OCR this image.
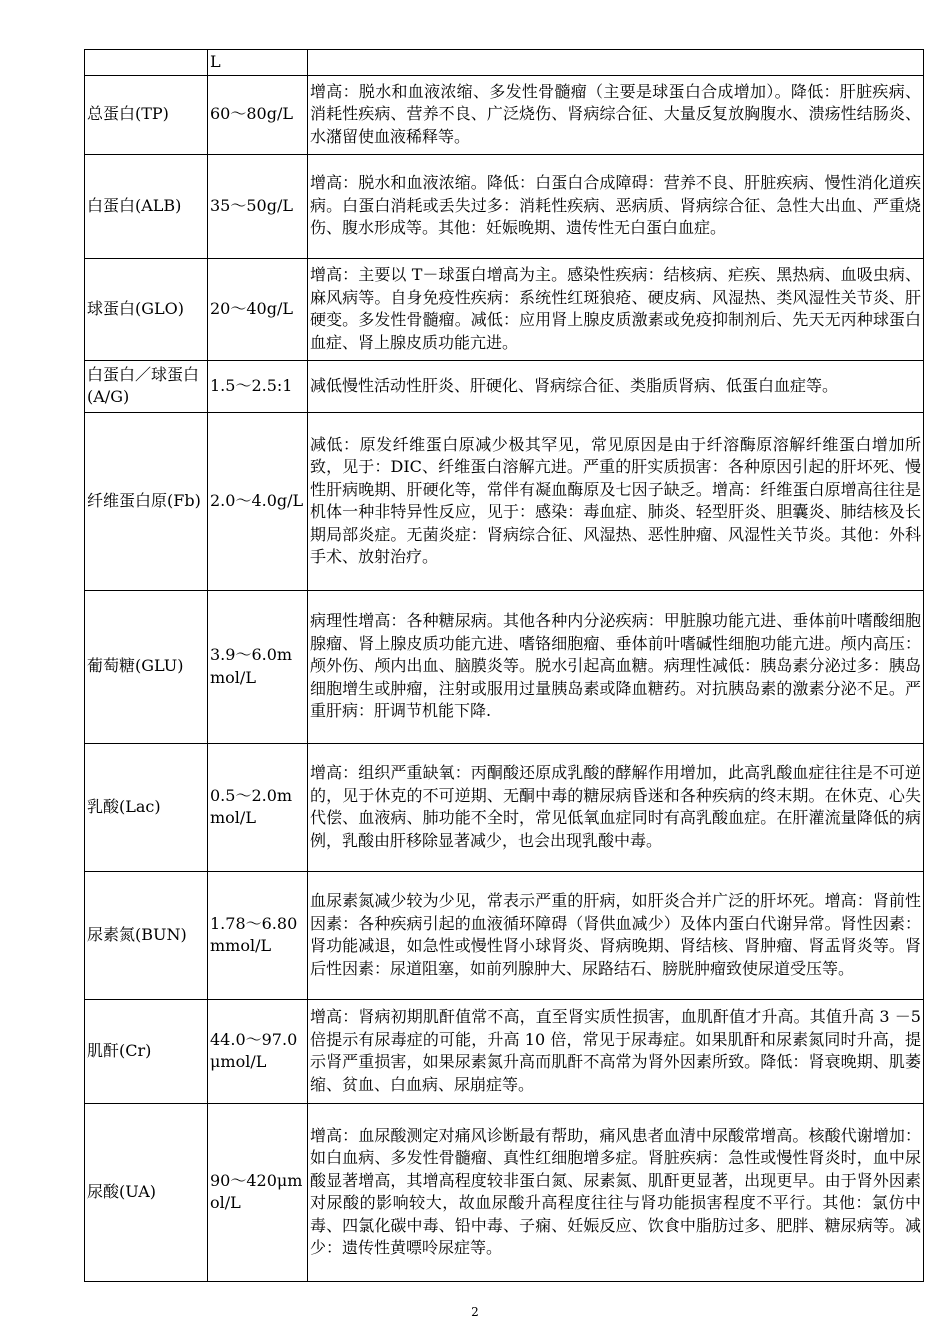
	L	
总蛋白(TP)	60～80g/L	增高：脱水和血液浓缩、多发性骨髓瘤（主要是球蛋白合成增加）。降低：肝脏疾病、消耗性疾病、营养不良、广泛烧伤、肾病综合征、大量反复放胸腹水、溃疡性结肠炎、水潴留使血液稀释等。
白蛋白(ALB)	35～50g/L	增高：脱水和血液浓缩。降低：白蛋白合成障碍：营养不良、肝脏疾病、慢性消化道疾病。白蛋白消耗或丢失过多：消耗性疾病、恶病质、肾病综合征、急性大出血、严重烧伤、腹水形成等。其他：妊娠晚期、遗传性无白蛋白血症。
球蛋白(GLO)	20～40g/L	增高：主要以 Τ－球蛋白增高为主。感染性疾病：结核病、疟疾、黑热病、血吸虫病、麻风病等。自身免疫性疾病：系统性红斑狼疮、硬皮病、风湿热、类风湿性关节炎、肝硬变。多发性骨髓瘤。减低：应用肾上腺皮质激素或免疫抑制剂后、先天无丙种球蛋白血症、肾上腺皮质功能亢进。
白蛋白／球蛋白(A/G)	1.5～2.5:1	减低慢性活动性肝炎、肝硬化、肾病综合征、类脂质肾病、低蛋白血症等。
纤维蛋白原(Fb)	2.0～4.0g/L	减低：原发纤维蛋白原减少极其罕见，常见原因是由于纤溶酶原溶解纤维蛋白增加所致，见于：DIC、纤维蛋白溶解亢进。严重的肝实质损害：各种原因引起的肝坏死、慢性肝病晚期、肝硬化等，常伴有凝血酶原及七因子缺乏。增高：纤维蛋白原增高往往是机体一种非特异性反应，见于：感染：毒血症、肺炎、轻型肝炎、胆囊炎、肺结核及长期局部炎症。无菌炎症：肾病综合征、风湿热、恶性肿瘤、风湿性关节炎。其他：外科手术、放射治疗。
葡萄糖(GLU)	3.9～6.0mmol/L	病理性增高：各种糖尿病。其他各种内分泌疾病：甲脏腺功能亢进、垂体前叶嗜酸细胞腺瘤、肾上腺皮质功能亢进、嗜铬细胞瘤、垂体前叶嗜碱性细胞功能亢进。颅内高压：颅外伤、颅内出血、脑膜炎等。脱水引起高血糖。病理性减低：胰岛素分泌过多：胰岛细胞增生或肿瘤，注射或服用过量胰岛素或降血糖药。对抗胰岛素的激素分泌不足。严重肝病：肝调节机能下降.
乳酸(Lac)	0.5～2.0mmol/L	增高：组织严重缺氧：丙酮酸还原成乳酸的酵解作用增加，此高乳酸血症往往是不可逆的，见于休克的不可逆期、无酮中毒的糖尿病昏迷和各种疾病的终末期。在休克、心失代偿、血液病、肺功能不全时，常见低氧血症同时有高乳酸血症。在肝灌流量降低的病例，乳酸由肝移除显著减少，也会出现乳酸中毒。
尿素氮(BUN)	1.78～6.80mmol/L	血尿素氮减少较为少见，常表示严重的肝病，如肝炎合并广泛的肝坏死。增高：肾前性因素：各种疾病引起的血液循环障碍（肾供血减少）及体内蛋白代谢异常。肾性因素：肾功能减退，如急性或慢性肾小球肾炎、肾病晚期、肾结核、肾肿瘤、肾盂肾炎等。肾后性因素：尿道阻塞，如前列腺肿大、尿路结石、膀胱肿瘤致使尿道受压等。
肌酐(Cr)	44.0～97.0μmol/L	增高：肾病初期肌酐值常不高，直至肾实质性损害，血肌酐值才升高。其值升高 3 －5 倍提示有尿毒症的可能，升高 10 倍，常见于尿毒症。如果肌酐和尿素氮同时升高，提示肾严重损害，如果尿素氮升高而肌酐不高常为肾外因素所致。降低：肾衰晚期、肌萎缩、贫血、白血病、尿崩症等。
尿酸(UA)	90～420μmol/L	增高：血尿酸测定对痛风诊断最有帮助，痛风患者血清中尿酸常增高。核酸代谢增加：如白血病、多发性骨髓瘤、真性红细胞增多症。肾脏疾病：急性或慢性肾炎时，血中尿酸显著增高，其增高程度较非蛋白氮、尿素氮、肌酐更显著，出现更早。由于肾外因素对尿酸的影响较大，故血尿酸升高程度往往与肾功能损害程度不平行。其他：氯仿中毒、四氯化碳中毒、铅中毒、子痫、妊娠反应、饮食中脂肪过多、肥胖、糖尿病等。减少：遗传性黄嘌呤尿症等。
2
